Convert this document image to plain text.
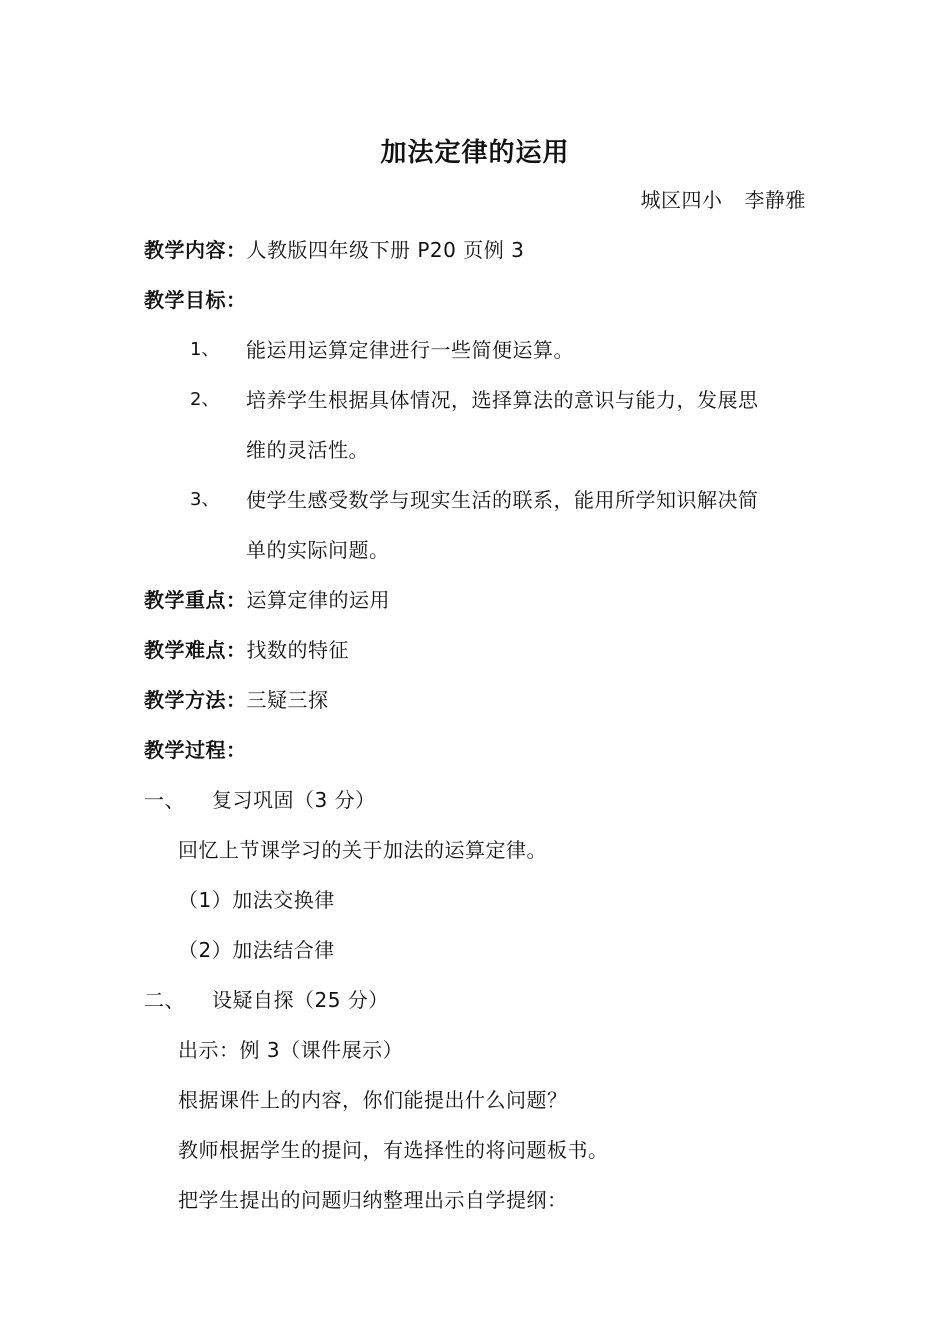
加法定律的运用
城区四小 李静雅
教学内容：人教版四年级下册 P20 页例 3
教学目标：
1、 能运用运算定律进行一些简便运算。
2、 培养学生根据具体情况，选择算法的意识与能力，发展思
维的灵活性。
3、 使学生感受数学与现实生活的联系，能用所学知识解决简
单的实际问题。
教学重点：运算定律的运用
教学难点：找数的特征
教学方法：三疑三探
教学过程：
一、 复习巩固（3 分）
回忆上节课学习的关于加法的运算定律。
（1）加法交换律
（2）加法结合律
二、 设疑自探（25 分）
出示：例 3（课件展示）
根据课件上的内容，你们能提出什么问题？
教师根据学生的提问，有选择性的将问题板书。
把学生提出的问题归纳整理出示自学提纲：
